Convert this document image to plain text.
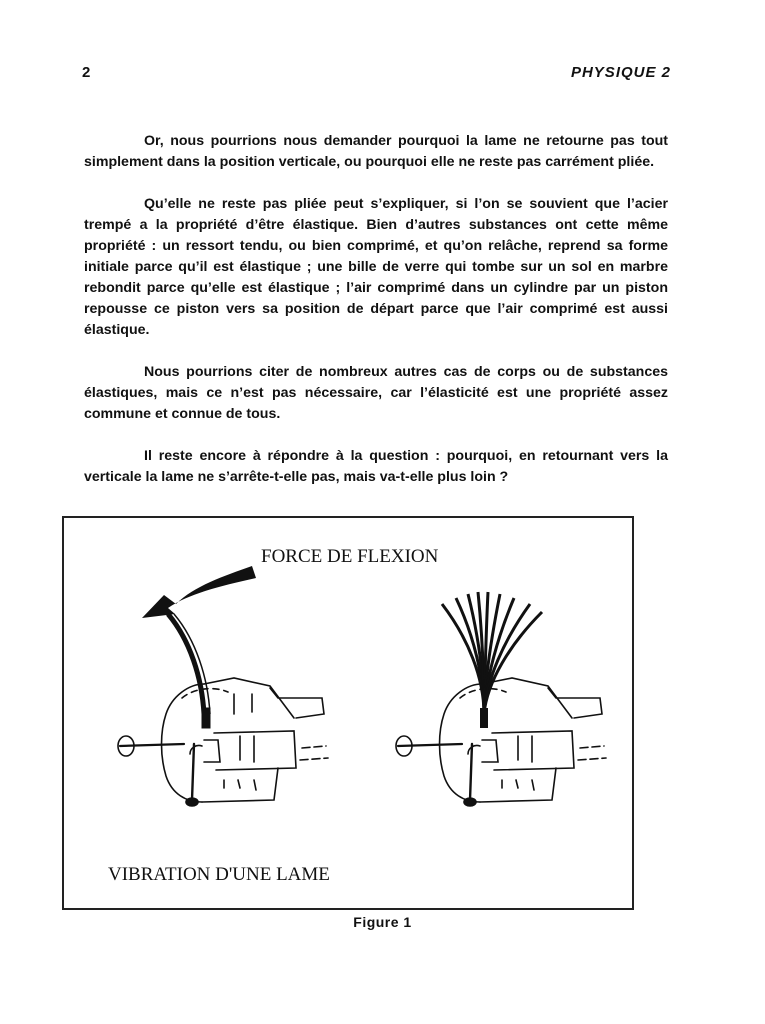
2	PHYSIQUE 2

Or, nous pourrions nous demander pourquoi la lame ne retourne pas tout simplement dans la position verticale, ou pourquoi elle ne reste pas carrément pliée.

Qu’elle ne reste pas pliée peut s’expliquer, si l’on se souvient que l’acier trempé a la propriété d’être élastique. Bien d’autres substances ont cette même propriété : un ressort tendu, ou bien comprimé, et qu’on relâche, reprend sa forme initiale parce qu’il est élastique ; une bille de verre qui tombe sur un sol en marbre rebondit parce qu’elle est élastique ; l’air comprimé dans un cylindre par un piston repousse ce piston vers sa position de départ parce que l’air comprimé est aussi élastique.

Nous pourrions citer de nombreux autres cas de corps ou de substances élastiques, mais ce n’est pas nécessaire, car l’élasticité est une propriété assez commune et connue de tous.

Il reste encore à répondre à la question : pourquoi, en retournant vers la verticale la lame ne s’arrête-t-elle pas, mais va-t-elle plus loin ?

FORCE DE FLEXION
VIBRATION D'UNE LAME
Figure 1
